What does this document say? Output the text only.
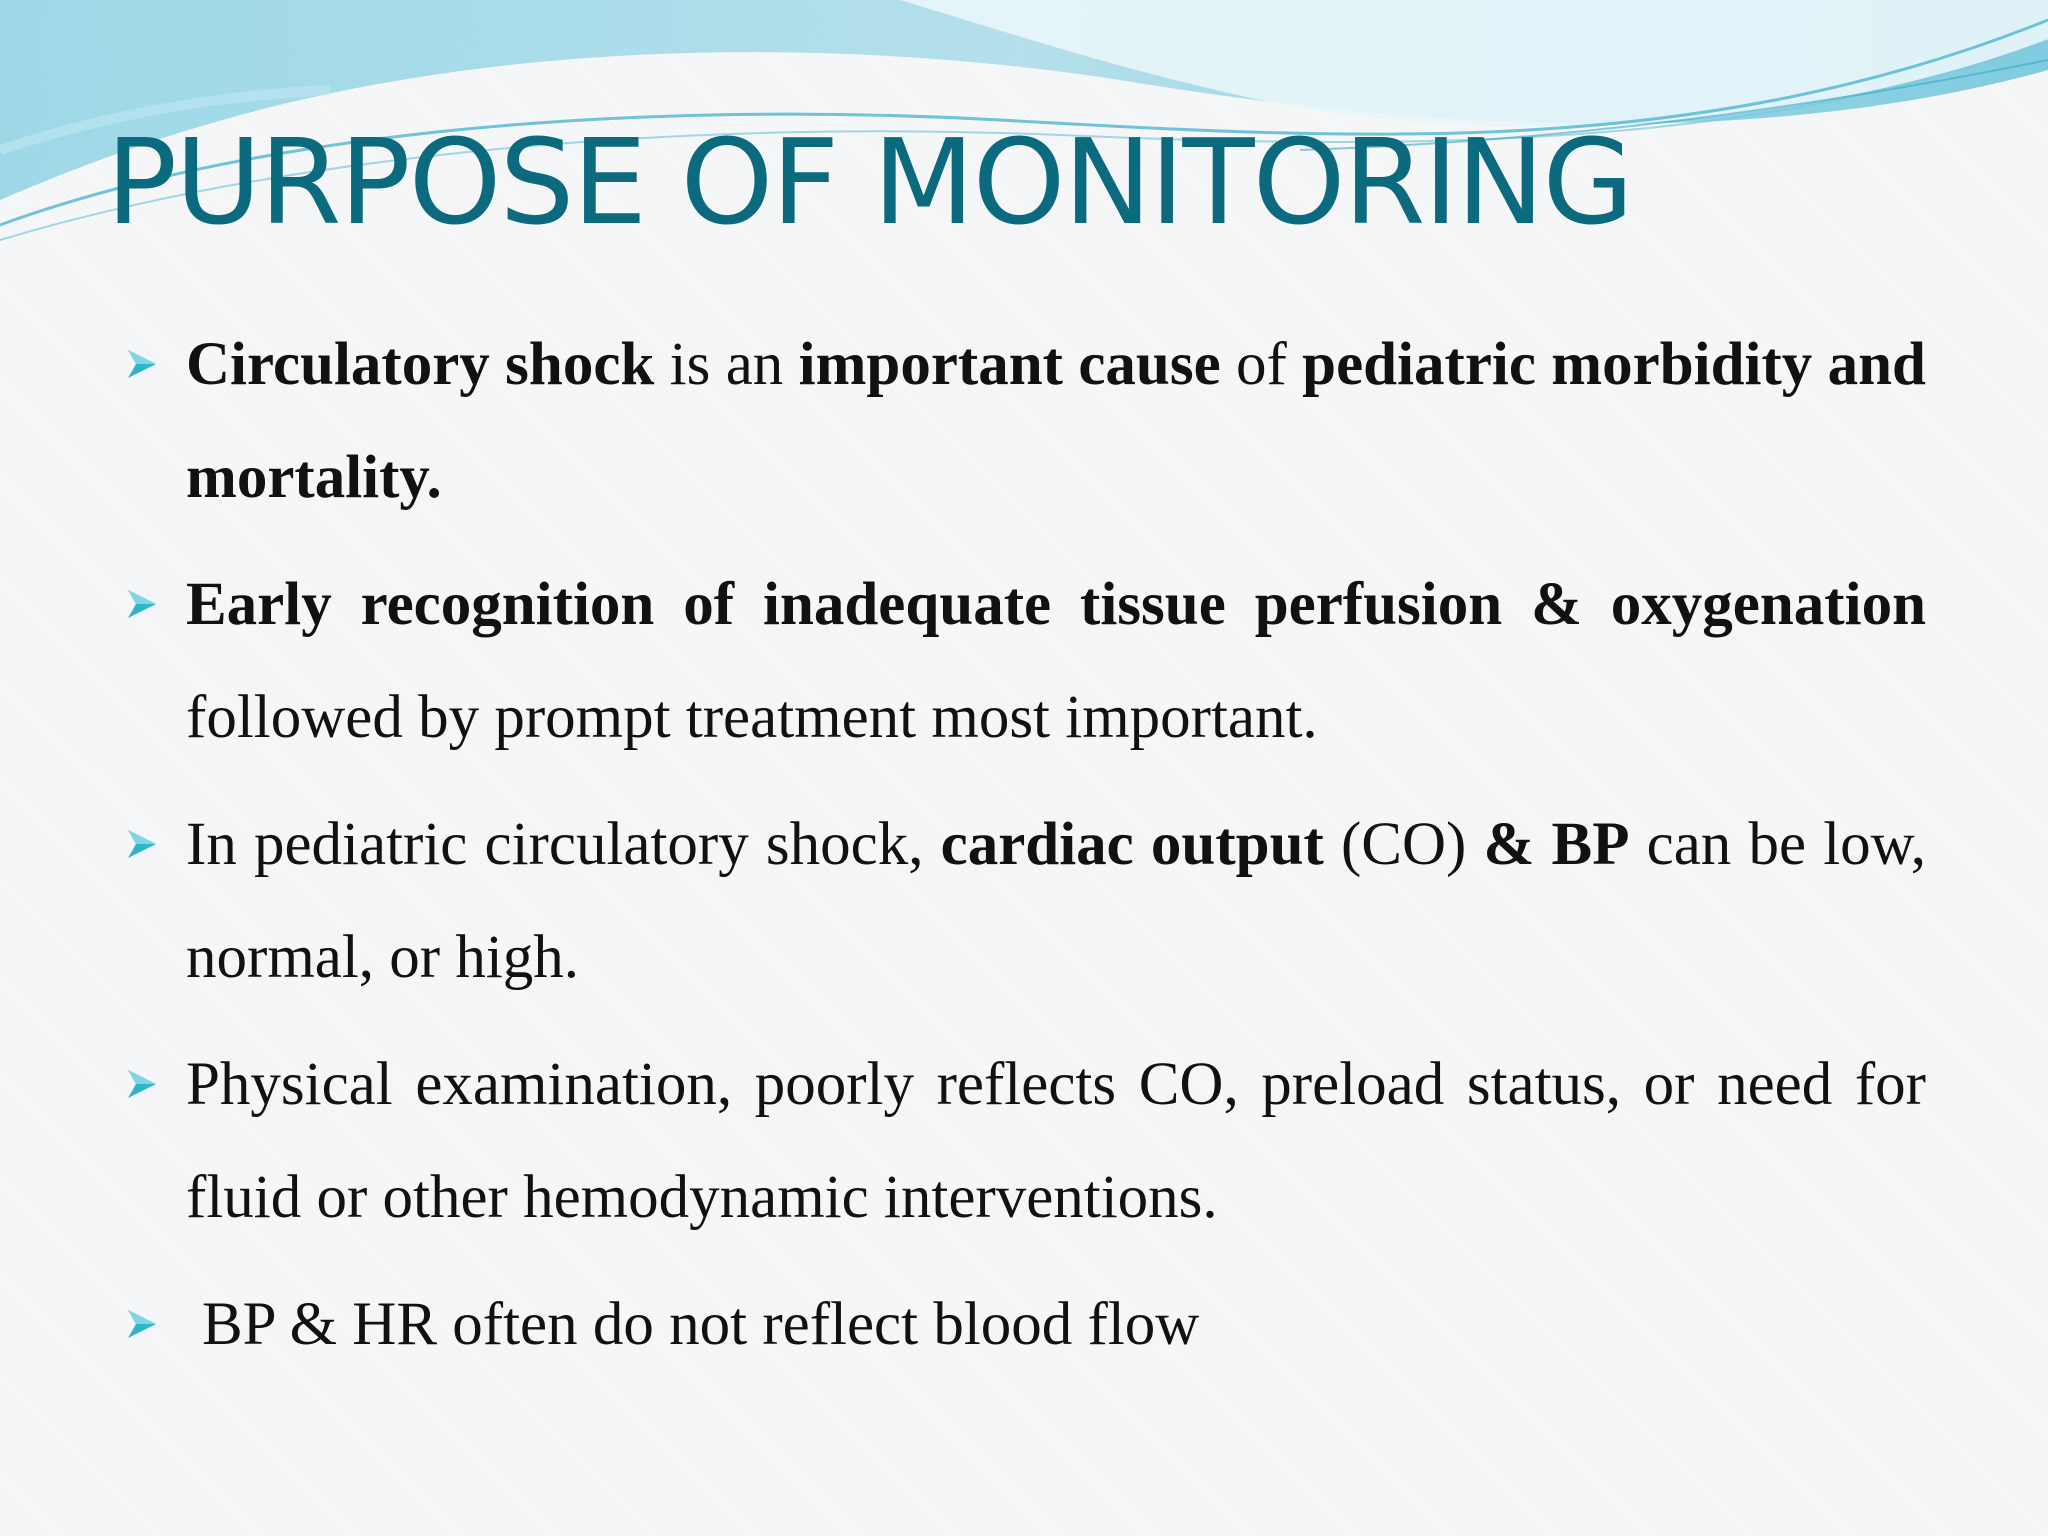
PURPOSE OF MONITORING
Circulatory shock is an important cause of pediatric morbidity and mortality.
Early recognition of inadequate tissue perfusion & oxygenation followed by prompt treatment most important.
In pediatric circulatory shock, cardiac output (CO) & BP can be low, normal, or high.
Physical examination, poorly reflects CO, preload status, or need for fluid or other hemodynamic interventions.
BP & HR often do not reflect blood flow
